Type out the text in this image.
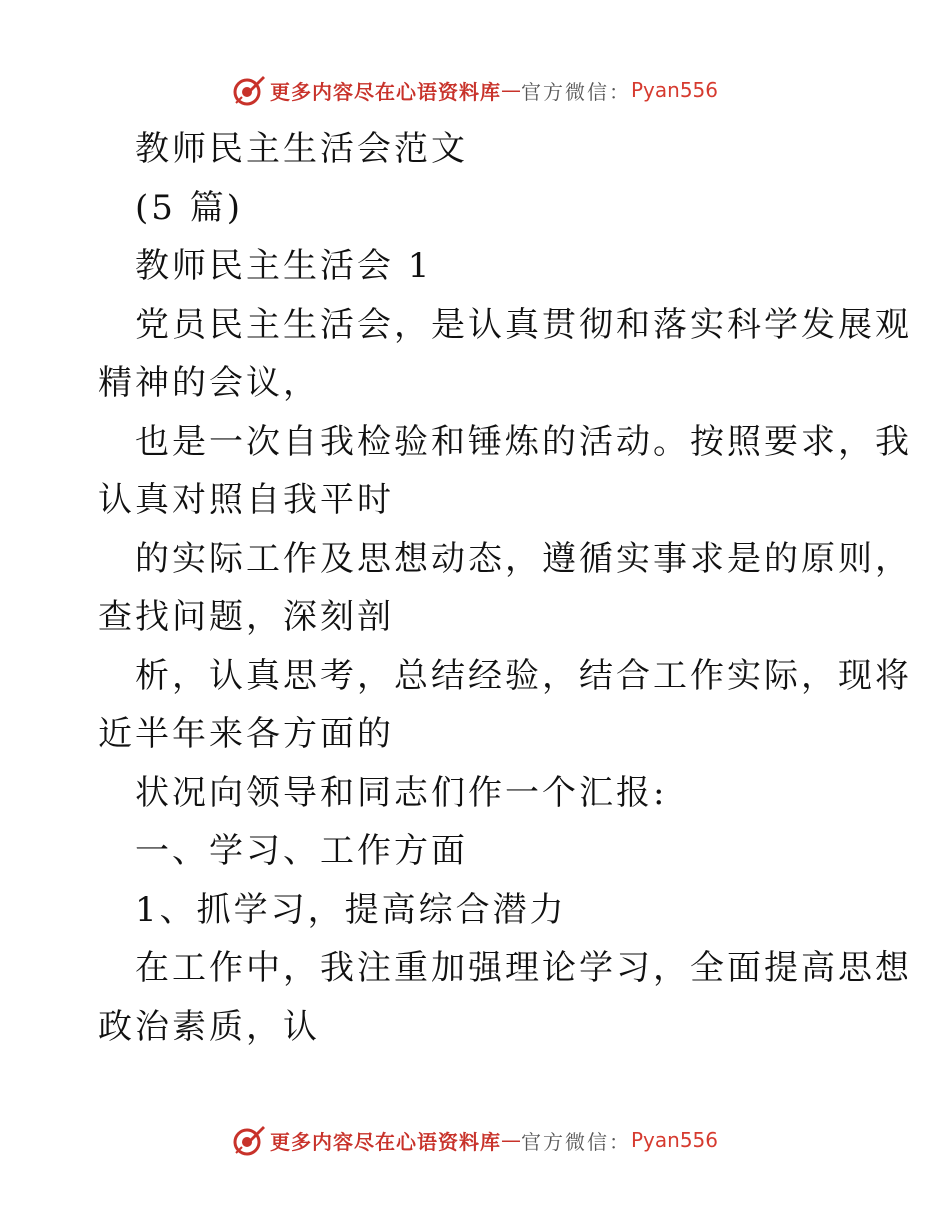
更多内容尽在心语资料库 — 官方微信： Pyan556
教师民主生活会范文
(5 篇)
教师民主生活会 1
党员民主生活会，是认真贯彻和落实科学发展观
精神的会议，
也是一次自我检验和锤炼的活动。按照要求，我
认真对照自我平时
的实际工作及思想动态，遵循实事求是的原则，
查找问题，深刻剖
析，认真思考，总结经验，结合工作实际，现将
近半年来各方面的
状况向领导和同志们作一个汇报:
一、学习、工作方面
1、抓学习，提高综合潜力
在工作中，我注重加强理论学习，全面提高思想
政治素质，认
更多内容尽在心语资料库 — 官方微信： Pyan556
